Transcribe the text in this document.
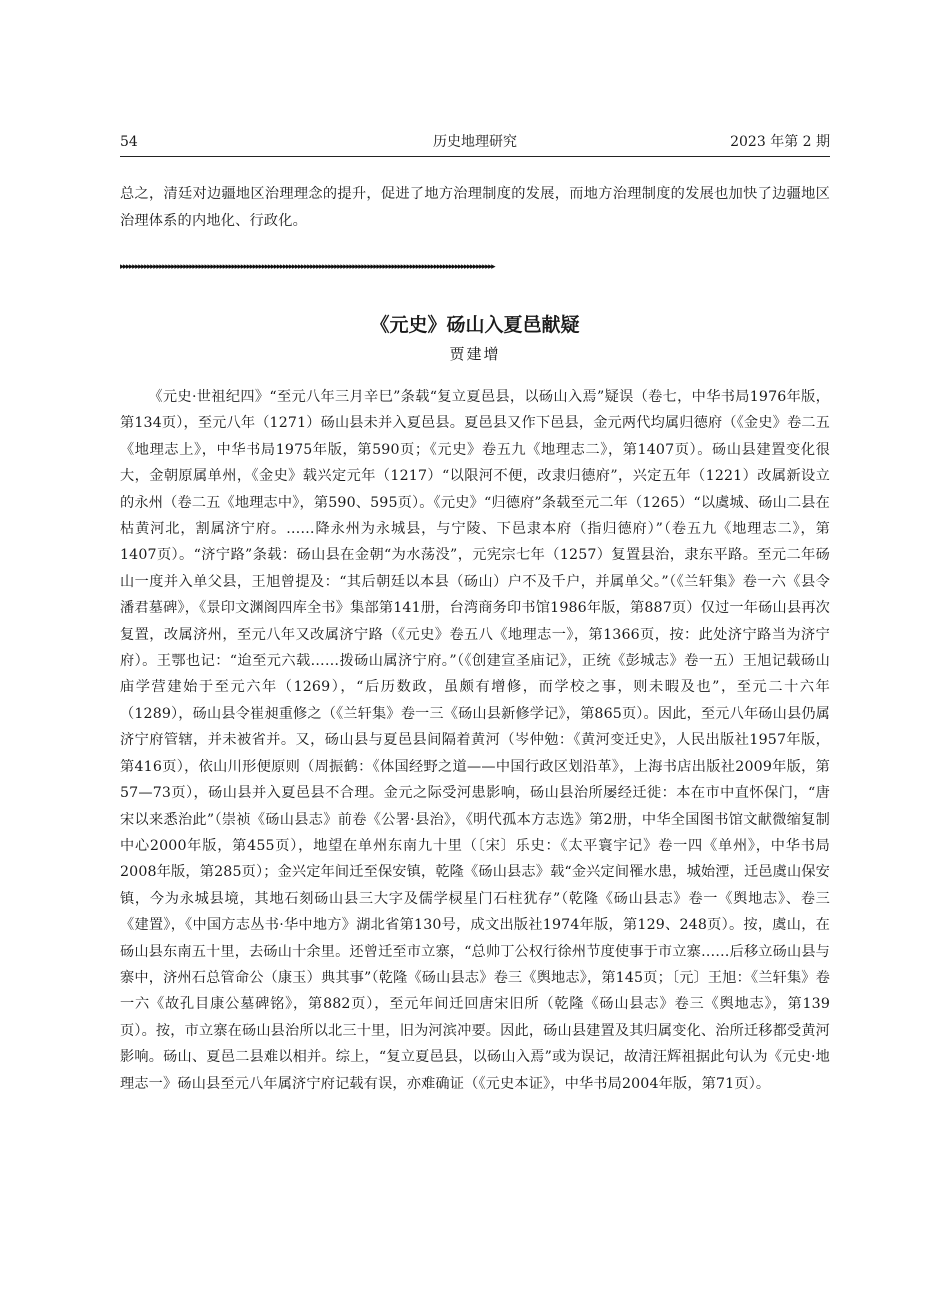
54	历史地理研究	2023 年第 2 期

总之，清廷对边疆地区治理理念的提升，促进了地方治理制度的发展，而地方治理制度的发展也加快了边疆地区治理体系的内地化、行政化。

▸▸▸▸▸▸▸▸▸▸▸▸▸▸▸▸▸▸▸▸▸▸▸▸▸▸▸▸▸▸▸▸▸▸▸▸▸▸▸▸▸▸▸▸▸▸▸▸▸▸▸▸▸▸▸▸▸▸▸▸▸▸▸▸▸▸▸▸▸▸▸▸▸▸▸▸▸▸▸▸▸▸▸▸▸▸▸▸▸▸▸▸▸▸▸▸▸▸▸▸▸▸▸▸▸▸▸▸▸▸▸▸▸▸▸▸▸▸▸▸▸▸▸▸
《元史》砀山入夏邑献疑
贾建增

《元史·世祖纪四》“至元八年三月辛巳”条载“复立夏邑县，以砀山入焉”疑误（卷七，中华书局1976年版，第134页），至元八年（1271）砀山县未并入夏邑县。夏邑县又作下邑县，金元两代均属归德府（《金史》卷二五《地理志上》，中华书局1975年版，第590页；《元史》卷五九《地理志二》，第1407页）。砀山县建置变化很大，金朝原属单州，《金史》载兴定元年（1217）“以限河不便，改隶归德府”，兴定五年（1221）改属新设立的永州（卷二五《地理志中》，第590、595页）。《元史》“归德府”条载至元二年（1265）“以虞城、砀山二县在枯黄河北，割属济宁府。……降永州为永城县，与宁陵、下邑隶本府（指归德府）”（卷五九《地理志二》，第1407页）。“济宁路”条载：砀山县在金朝“为水荡没”，元宪宗七年（1257）复置县治，隶东平路。至元二年砀山一度并入单父县，王旭曾提及：“其后朝廷以本县（砀山）户不及千户，并属单父。”（《兰轩集》卷一六《县令潘君墓碑》，《景印文渊阁四库全书》集部第141册，台湾商务印书馆1986年版，第887页）仅过一年砀山县再次复置，改属济州，至元八年又改属济宁路（《元史》卷五八《地理志一》，第1366页，按：此处济宁路当为济宁府）。王鄂也记：“迨至元六载……拨砀山属济宁府。”（《创建宣圣庙记》，正统《彭城志》卷一五）王旭记载砀山庙学营建始于至元六年（1269），“后历数政，虽颇有增修，而学校之事，则未暇及也”，至元二十六年（1289），砀山县令崔昶重修之（《兰轩集》卷一三《砀山县新修学记》，第865页）。因此，至元八年砀山县仍属济宁府管辖，并未被省并。又，砀山县与夏邑县间隔着黄河（岑仲勉：《黄河变迁史》，人民出版社1957年版，第416页），依山川形便原则（周振鹤：《体国经野之道——中国行政区划沿革》，上海书店出版社2009年版，第57—73页），砀山县并入夏邑县不合理。金元之际受河患影响，砀山县治所屡经迁徙：本在市中直怀保门，“唐宋以来悉治此”（崇祯《砀山县志》前卷《公署·县治》，《明代孤本方志选》第2册，中华全国图书馆文献微缩复制中心2000年版，第455页），地望在单州东南九十里（〔宋〕乐史：《太平寰宇记》卷一四《单州》，中华书局2008年版，第285页）；金兴定年间迁至保安镇，乾隆《砀山县志》载“金兴定间罹水患，城始湮，迁邑虞山保安镇，今为永城县境，其地石刻砀山县三大字及儒学棂星门石柱犹存”（乾隆《砀山县志》卷一《舆地志》、卷三《建置》，《中国方志丛书·华中地方》湖北省第130号，成文出版社1974年版，第129、248页）。按，虞山，在砀山县东南五十里，去砀山十余里。还曾迁至市立寨，“总帅丁公权行徐州节度使事于市立寨……后移立砀山县与寨中，济州石总管命公（康玉）典其事”（乾隆《砀山县志》卷三《舆地志》，第145页；〔元〕王旭：《兰轩集》卷一六《故孔目康公墓碑铭》，第882页），至元年间迁回唐宋旧所（乾隆《砀山县志》卷三《舆地志》，第139页）。按，市立寨在砀山县治所以北三十里，旧为河滨冲要。因此，砀山县建置及其归属变化、治所迁移都受黄河影响。砀山、夏邑二县难以相并。综上，“复立夏邑县，以砀山入焉”或为误记，故清汪辉祖据此句认为《元史·地理志一》砀山县至元八年属济宁府记载有误，亦难确证（《元史本证》，中华书局2004年版，第71页）。
